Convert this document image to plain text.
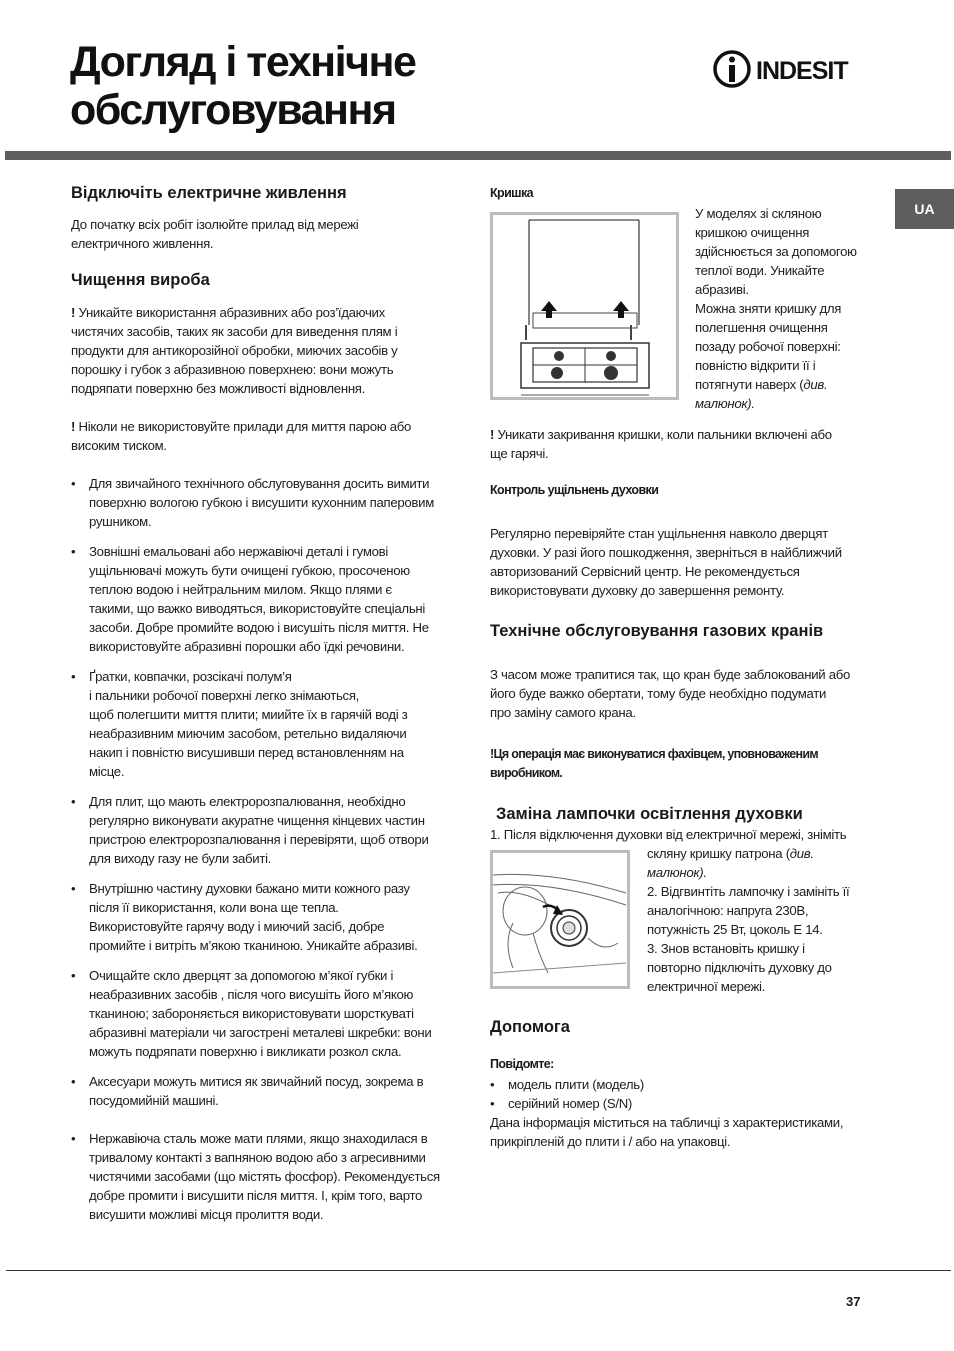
Догляд і технічне
обслуговування
INDESIT
UA
Відключіть електричне живлення
До початку всіх робіт ізолюйте прилад від мережі
електричного живлення.
Чищення вироба
! Уникайте використання абразивних або роз’їдаючих
чистячих засобів, таких як засоби для виведення плям і
продукти для антикорозійної обробки, миючих засобів у
порошку і губок з абразивною поверхнею: вони можуть
подряпати поверхню без можливості відновлення.
! Ніколи не використовуйте прилади для миття парою або
високим тиском.
• Для звичайного технічного обслуговування досить вимити
поверхню вологою губкою і висушити кухонним паперовим
рушником.
• Зовнішні емальовані або нержавіючі деталі і гумові
ущільнювачі можуть бути очищені губкою, просоченою
теплою водою і нейтральним милом. Якщо плями є
такими, що важко виводяться, використовуйте спеціальні
засоби. Добре промийте водою і висушіть після миття. Не
використовуйте абразивні порошки або їдкі речовини.
• Ґратки, ковпачки, розсікачі полум’я
і пальники робочої поверхні легко знімаються,
щоб полегшити миття плити; миийте їх в гарячій воді з
неабразивним миючим засобом, ретельно видаляючи
накип і повністю висушивши перед встановленням на
місце.
• Для плит, що мають електророзпалювання, необхідно
регулярно виконувати акуратне чищення кінцевих частин
пристрою електророзпалювання і перевіряти, щоб отвори
для виходу газу не були забиті.
• Внутрішню частину духовки бажано мити кожного разу
після її використання, коли вона ще тепла.
Використовуйте гарячу воду і миючий засіб, добре
промийте і витріть м’якою тканиною. Уникайте абразиві.
• Очищайте скло дверцят за допомогою м’якої губки і
неабразивних засобів , після чого висушіть його м’якою
тканиною; забороняється використовувати шорсткуваті
абразивні матеріали чи загострені металеві шкребки: вони
можуть подряпати поверхню і викликати розкол скла.
• Аксесуари можуть митися як звичайний посуд, зокрема в
посудомийній машині.
• Нержавіюча сталь може мати плями, якщо знаходилася в
тривалому контакті з вапняною водою або з агресивними
чистячими засобами (що містять фосфор). Рекомендується
добре промити і висушити після миття. І, крім того, варто
висушити можливі місця пролиття води.
Кришка
У моделях зі скляною
кришкою очищення
здійснюється за допомогою
теплої води. Уникайте
абразиві.
Можна зняти кришку для
полегшення очищення
позаду робочої поверхні:
повністю відкрити її і
потягнути наверх (див.
малюнок).
! Уникати закривання кришки, коли пальники включені або
ще гарячі.
Контроль ущільнень духовки
Регулярно перевіряйте стан ущільнення навколо дверцят
духовки. У разі його пошкодження, зверніться в найближчий
авторизований Сервісний центр. Не рекомендується
використовувати духовку до завершення ремонту.
Технічне обслуговування газових кранів
З часом може трапитися так, що кран буде заблокований або
його буде важко обертати, тому буде необхідно подумати
про заміну самого крана.
!Ця операція має виконуватися фахівцем, уповноваженим
виробником.
Заміна лампочки освітлення духовки
1. Після відключення духовки від електричної мережі, зніміть
скляну кришку патрона (див.
малюнок).
2. Відгвинтіть лампочку і замініть її
аналогічною: напруга 230В,
потужність 25 Вт, цоколь E 14.
3. Знов встановіть кришку і
повторно підключіть духовку до
електричної мережі.
Допомога
Повідомте:
• модель плити (модель)
• серійний номер (S/N)
Дана інформація міститься на табличці з характеристиками,
прикріпленій до плити і / або на упаковці.
37
